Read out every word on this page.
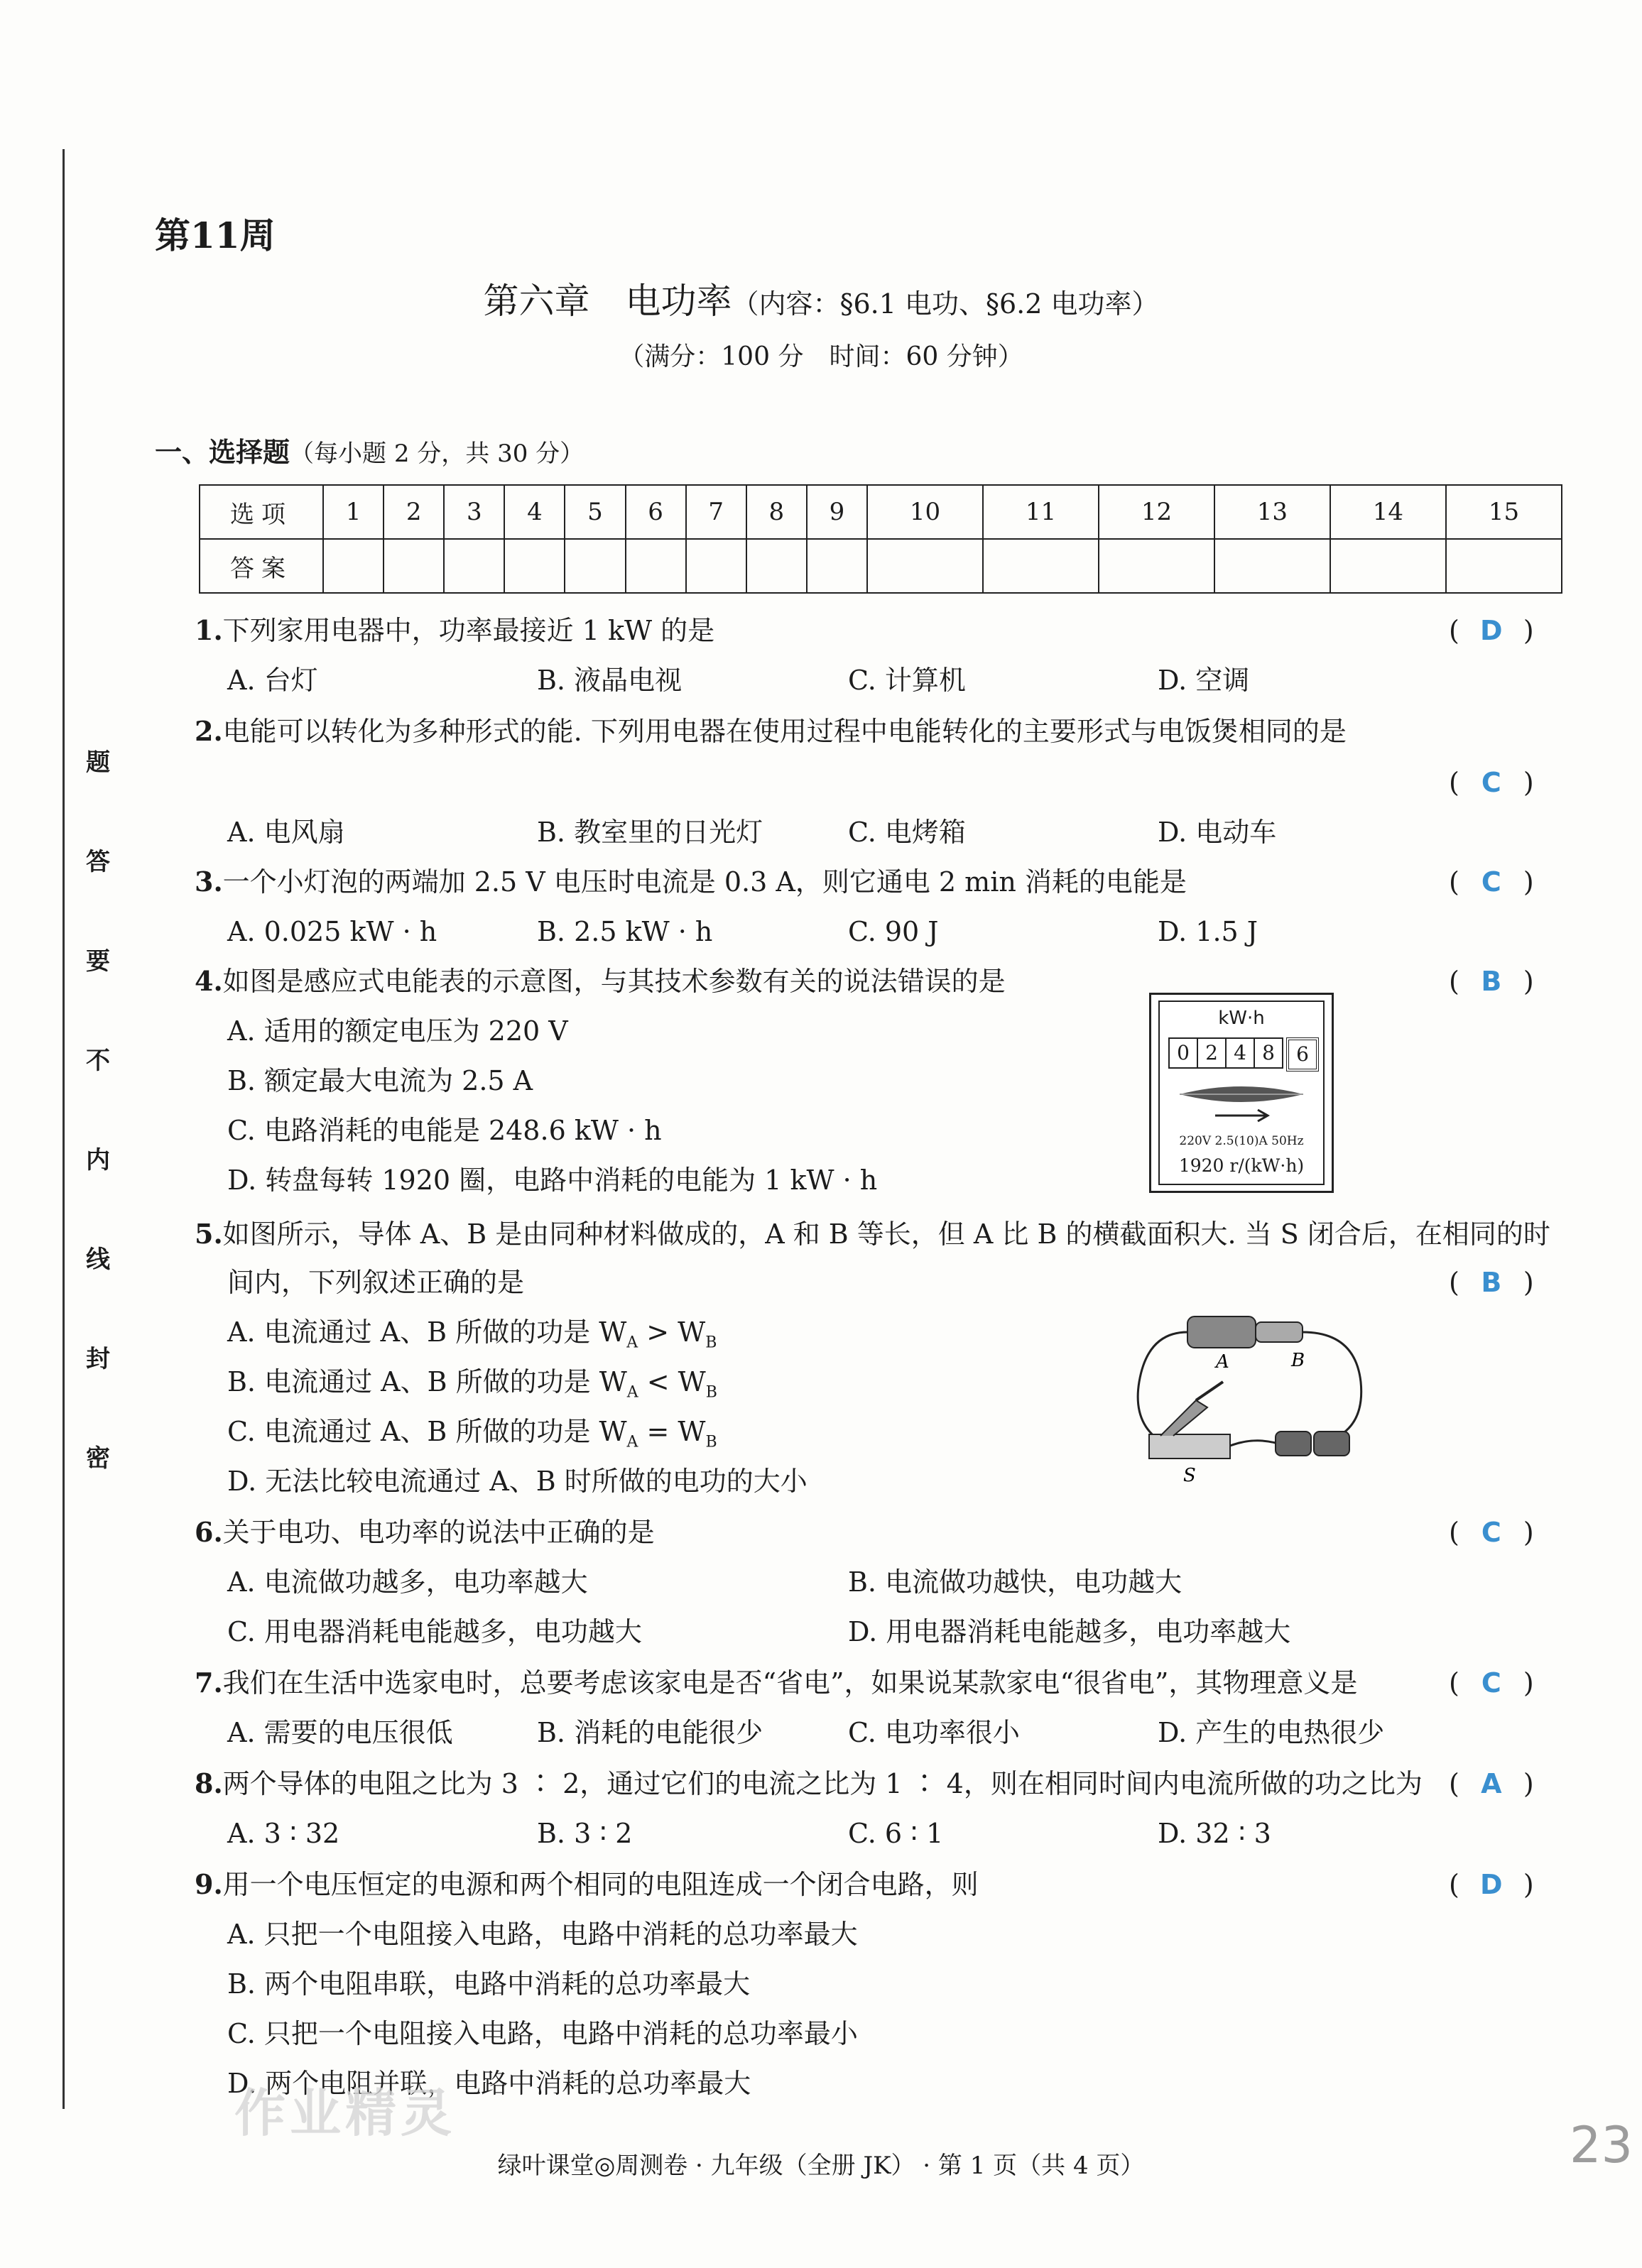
题
答
要
不
内
线
封
密
第11周
第六章　电功率（内容：§6.1 电功、§6.2 电功率）
（满分：100 分　时间：60 分钟）
一、选择题（每小题 2 分，共 30 分）
选项	1	2	3	4	5	6	7	8	9	10	11	12	13	14	15
答案															
1.下列家用电器中，功率最接近 1 kW 的是	( D )
A. 台灯	B. 液晶电视	C. 计算机	D. 空调
2.电能可以转化为多种形式的能. 下列用电器在使用过程中电能转化的主要形式与电饭煲相同的是
( C )
A. 电风扇	B. 教室里的日光灯	C. 电烤箱	D. 电动车
3.一个小灯泡的两端加 2.5 V 电压时电流是 0.3 A，则它通电 2 min 消耗的电能是	( C )
A. 0.025 kW · h	B. 2.5 kW · h	C. 90 J	D. 1.5 J
4.如图是感应式电能表的示意图，与其技术参数有关的说法错误的是	( B )
A. 适用的额定电压为 220 V
B. 额定最大电流为 2.5 A
C. 电路消耗的电能是 248.6 kW · h
D. 转盘每转 1920 圈，电路中消耗的电能为 1 kW · h
kW·h
0 2 4 8	6
220V 2.5(10)A 50Hz
1920 r/(kW·h)
5.如图所示，导体 A、B 是由同种材料做成的，A 和 B 等长，但 A 比 B 的横截面积大. 当 S 闭合后，在相同的时
间内，下列叙述正确的是	( B )
A. 电流通过 A、B 所做的功是 $W_A > W_B$
B. 电流通过 A、B 所做的功是 $W_A < W_B$
C. 电流通过 A、B 所做的功是 $W_A = W_B$
D. 无法比较电流通过 A、B 时所做的电功的大小
A	B
S
6.关于电功、电功率的说法中正确的是	( C )
A. 电流做功越多，电功率越大	B. 电流做功越快，电功越大
C. 用电器消耗电能越多，电功越大	D. 用电器消耗电能越多，电功率越大
7.我们在生活中选家电时，总要考虑该家电是否“省电”，如果说某款家电“很省电”，其物理意义是	( C )
A. 需要的电压很低	B. 消耗的电能很少	C. 电功率很小	D. 产生的电热很少
8.两个导体的电阻之比为 3 ∶ 2，通过它们的电流之比为 1 ∶ 4，则在相同时间内电流所做的功之比为 ( A )
A. 3 ∶ 32	B. 3 ∶ 2	C. 6 ∶ 1	D. 32 ∶ 3
9.用一个电压恒定的电源和两个相同的电阻连成一个闭合电路，则	( D )
A. 只把一个电阻接入电路，电路中消耗的总功率最大
B. 两个电阻串联，电路中消耗的总功率最大
C. 只把一个电阻接入电路，电路中消耗的总功率最小
D. 两个电阻并联，电路中消耗的总功率最大
作业精灵
绿叶课堂◎周测卷 · 九年级（全册 JK） · 第 1 页（共 4 页）	23
